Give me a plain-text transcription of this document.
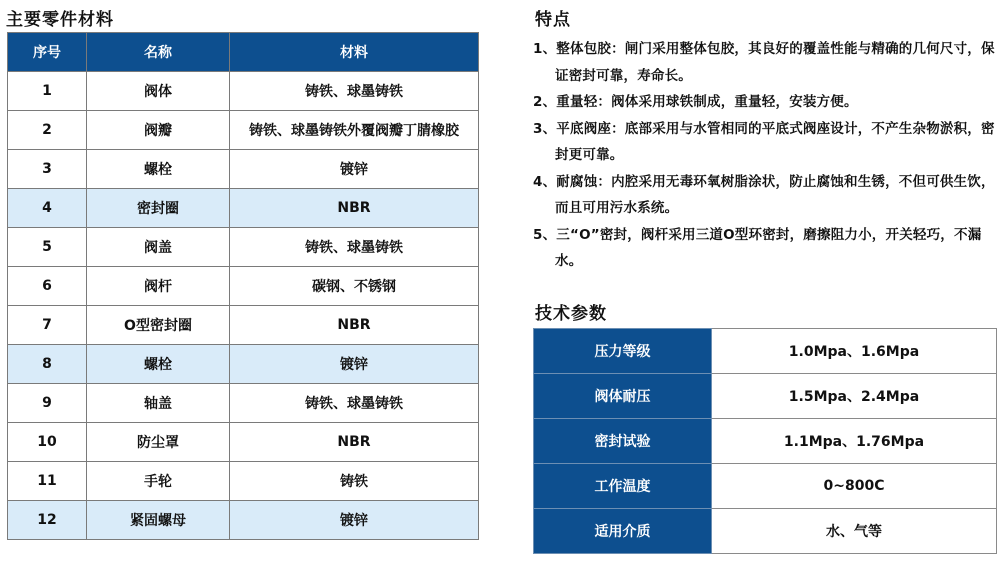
主要零件材料
序号	名称	材料
1	阀体	铸铁、球墨铸铁
2	阀瓣	铸铁、球墨铸铁外覆阀瓣丁腈橡胶
3	螺栓	镀锌
4	密封圈	NBR
5	阀盖	铸铁、球墨铸铁
6	阀杆	碳钢、不锈钢
7	O型密封圈	NBR
8	螺栓	镀锌
9	轴盖	铸铁、球墨铸铁
10	防尘罩	NBR
11	手轮	铸铁
12	紧固螺母	镀锌
特点
1、整体包胶：闸门采用整体包胶，其良好的覆盖性能与精确的几何尺寸，保证密封可靠，寿命长。
2、重量轻：阀体采用球铁制成，重量轻，安装方便。
3、平底阀座：底部采用与水管相同的平底式阀座设计，不产生杂物淤积，密封更可靠。
4、耐腐蚀：内腔采用无毒环氧树脂涂状，防止腐蚀和生锈，不但可供生饮，而且可用污水系统。
5、三“O”密封，阀杆采用三道O型环密封，磨擦阻力小，开关轻巧，不漏水。
技术参数
压力等级	1.0Mpa、1.6Mpa
阀体耐压	1.5Mpa、2.4Mpa
密封试验	1.1Mpa、1.76Mpa
工作温度	0~800C
适用介质	水、气等
